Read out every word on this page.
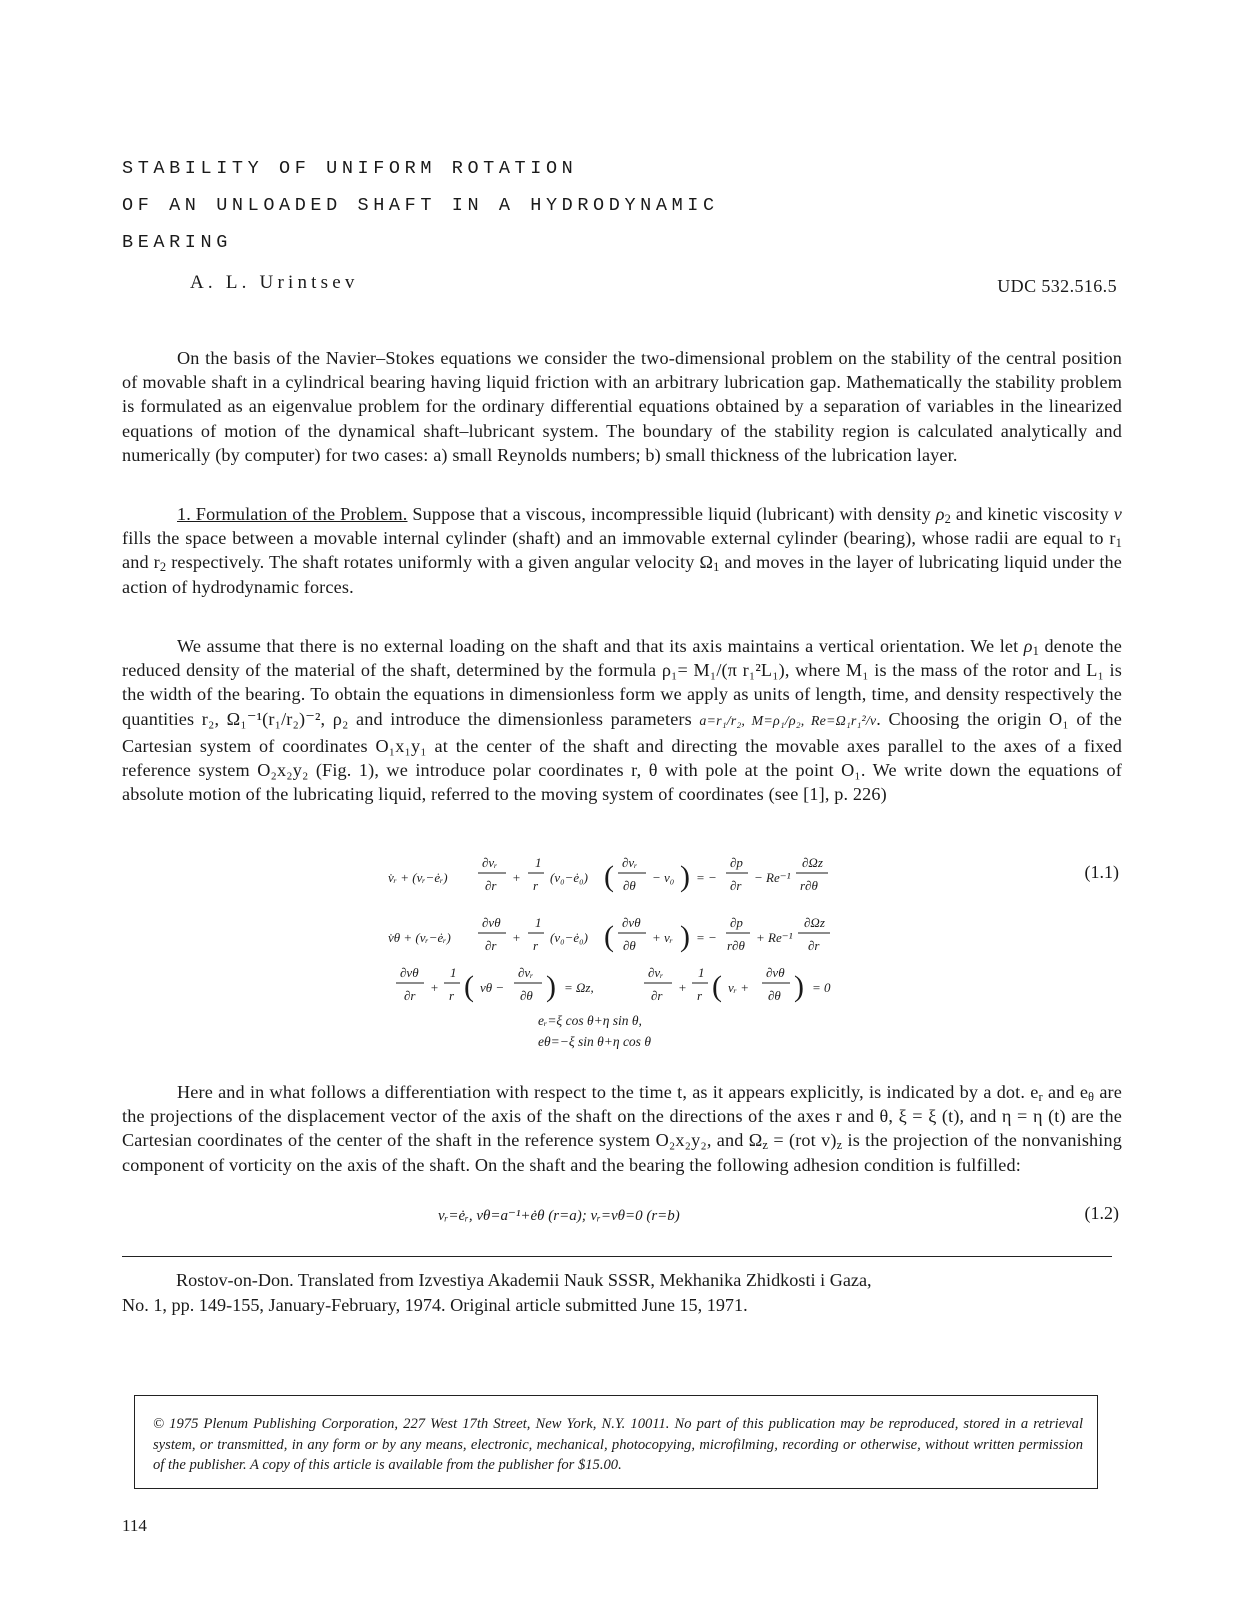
STABILITY OF UNIFORM ROTATION
OF AN UNLOADED SHAFT IN A HYDRODYNAMIC
BEARING
A. L. Urintsev	UDC 532.516.5

On the basis of the Navier–Stokes equations we consider the two-dimensional problem on the stability of the central position of movable shaft in a cylindrical bearing having liquid friction with an arbitrary lubrication gap. Mathematically the stability problem is formulated as an eigenvalue problem for the ordinary differential equations obtained by a separation of variables in the linearized equations of motion of the dynamical shaft–lubricant system. The boundary of the stability region is calculated analytically and numerically (by computer) for two cases: a) small Reynolds numbers; b) small thickness of the lubrication layer.

1. Formulation of the Problem. Suppose that a viscous, incompressible liquid (lubricant) with density $\rho_2$ and kinetic viscosity ν fills the space between a movable internal cylinder (shaft) and an immovable external cylinder (bearing), whose radii are equal to $r_1$ and $r_2$ respectively. The shaft rotates uniformly with a given angular velocity $\Omega_1$ and moves in the layer of lubricating liquid under the action of hydrodynamic forces.

We assume that there is no external loading on the shaft and that its axis maintains a vertical orientation. We let $\rho_1$ denote the reduced density of the material of the shaft, determined by the formula ρ₁= M₁/(π r₁²L₁), where M₁ is the mass of the rotor and L₁ is the width of the bearing. To obtain the equations in dimensionless form we apply as units of length, time, and density respectively the quantities r₂, Ω₁⁻¹(r₁/r₂)⁻², ρ₂ and introduce the dimensionless parameters a=r₁/r₂, M=ρ₁/ρ₂, Re=Ω₁r₁²/ν. Choosing the origin O₁ of the Cartesian system of coordinates O₁x₁y₁ at the center of the shaft and directing the movable axes parallel to the axes of a fixed reference system O₂x₂y₂ (Fig. 1), we introduce polar coordinates r, θ with pole at the point O₁. We write down the equations of absolute motion of the lubricating liquid, referred to the moving system of coordinates (see [1], p. 226)

v̇ᵣ + (vᵣ−ėᵣ)
∂vᵣ
∂r
+
1
r
(v₀−ė₀) ( ∂vᵣ
∂θ
− v₀ ) = −
∂p
∂r
− Re⁻¹
∂Ωz
r∂θ
v̇θ + (vᵣ−ėᵣ)
∂vθ
∂r
+
1
r
(v₀−ė₀) ( ∂vθ
∂θ
+ vᵣ ) = −
∂p
r∂θ
+ Re⁻¹
∂Ωz
∂r
∂vθ
∂r
+
1
r ( vθ −
∂vᵣ
∂θ ) = Ωz,
∂vᵣ
∂r
+
1
r ( vᵣ +
∂vθ
∂θ ) = 0
eᵣ=ξ cos θ+η sin θ,
eθ=−ξ sin θ+η cos θ
(1.1)

Here and in what follows a differentiation with respect to the time t, as it appears explicitly, is indicated by a dot. $e_r$ and $e_\theta$ are the projections of the displacement vector of the axis of the shaft on the directions of the axes r and θ, ξ = ξ (t), and η = η (t) are the Cartesian coordinates of the center of the shaft in the reference system O₂x₂y₂, and $\Omega_z = (rot$ $v)_z$ is the projection of the nonvanishing component of vorticity on the axis of the shaft. On the shaft and the bearing the following adhesion condition is fulfilled:

vᵣ=ėᵣ, vθ=a⁻¹+ėθ (r=a); vᵣ=vθ=0 (r=b)	(1.2)
Rostov-on-Don. Translated from Izvestiya Akademii Nauk SSSR, Mekhanika Zhidkosti i Gaza,
No. 1, pp. 149-155, January-February, 1974. Original article submitted June 15, 1971.

© 1975 Plenum Publishing Corporation, 227 West 17th Street, New York, N.Y. 10011. No part of this publication may be reproduced, stored in a retrieval system, or transmitted, in any form or by any means, electronic, mechanical, photocopying, microfilming, recording or otherwise, without written permission of the publisher. A copy of this article is available from the publisher for $15.00.

114
